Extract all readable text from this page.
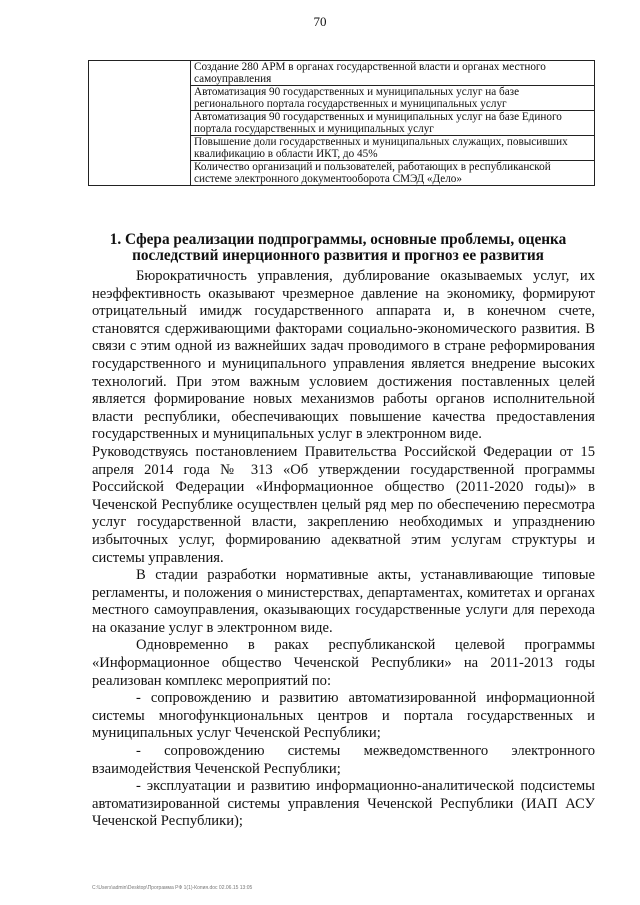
70
	Создание 280 АРМ в органах государственной власти и органах местного самоуправления
Автоматизация 90 государственных и муниципальных услуг на базе регионального портала государственных и муниципальных услуг
Автоматизация 90 государственных и муниципальных услуг на базе Единого портала государственных и муниципальных услуг
Повышение доли государственных и муниципальных служащих, повысивших квалификацию в области ИКТ, до 45%
Количество организаций и пользователей, работающих в республиканской системе электронного документооборота СМЭД «Дело»
1. Сфера реализации подпрограммы, основные проблемы, оценка последствий инерционного развития и прогноз ее развития

Бюрократичность управления, дублирование оказываемых услуг, их неэффективность оказывают чрезмерное давление на экономику, формируют отрицательный имидж государственного аппарата и, в конечном счете, становятся сдерживающими факторами социально-экономического развития. В связи с этим одной из важнейших задач проводимого в стране реформирования государственного и муниципального управления является внедрение высоких технологий. При этом важным условием достижения поставленных целей является формирование новых механизмов работы органов исполнительной власти республики, обеспечивающих повышение качества предоставления государственных и муниципальных услуг в электронном виде.

Руководствуясь постановлением Правительства Российской Федерации от 15 апреля 2014 года № 313 «Об утверждении государственной программы Российской Федерации «Информационное общество (2011-2020 годы)» в Чеченской Республике осуществлен целый ряд мер по обеспечению пересмотра услуг государственной власти, закреплению необходимых и упразднению избыточных услуг, формированию адекватной этим услугам структуры и системы управления.

В стадии разработки нормативные акты, устанавливающие типовые регламенты, и положения о министерствах, департаментах, комитетах и органах местного самоуправления, оказывающих государственные услуги для перехода на оказание услуг в электронном виде.

Одновременно в раках республиканской целевой программы «Информационное общество Чеченской Республики» на 2011-2013 годы реализован комплекс мероприятий по:

- сопровождению и развитию автоматизированной информационной системы многофункциональных центров и портала государственных и муниципальных услуг Чеченской Республики;

- сопровождению системы межведомственного электронного взаимодействия Чеченской Республики;

- эксплуатации и развитию информационно-аналитической подсистемы автоматизированной системы управления Чеченской Республики (ИАП АСУ Чеченской Республики);

C:\Users\admin\Desktop\Программа РФ 1(1)-Копия.doc 02.06.15 13:05
